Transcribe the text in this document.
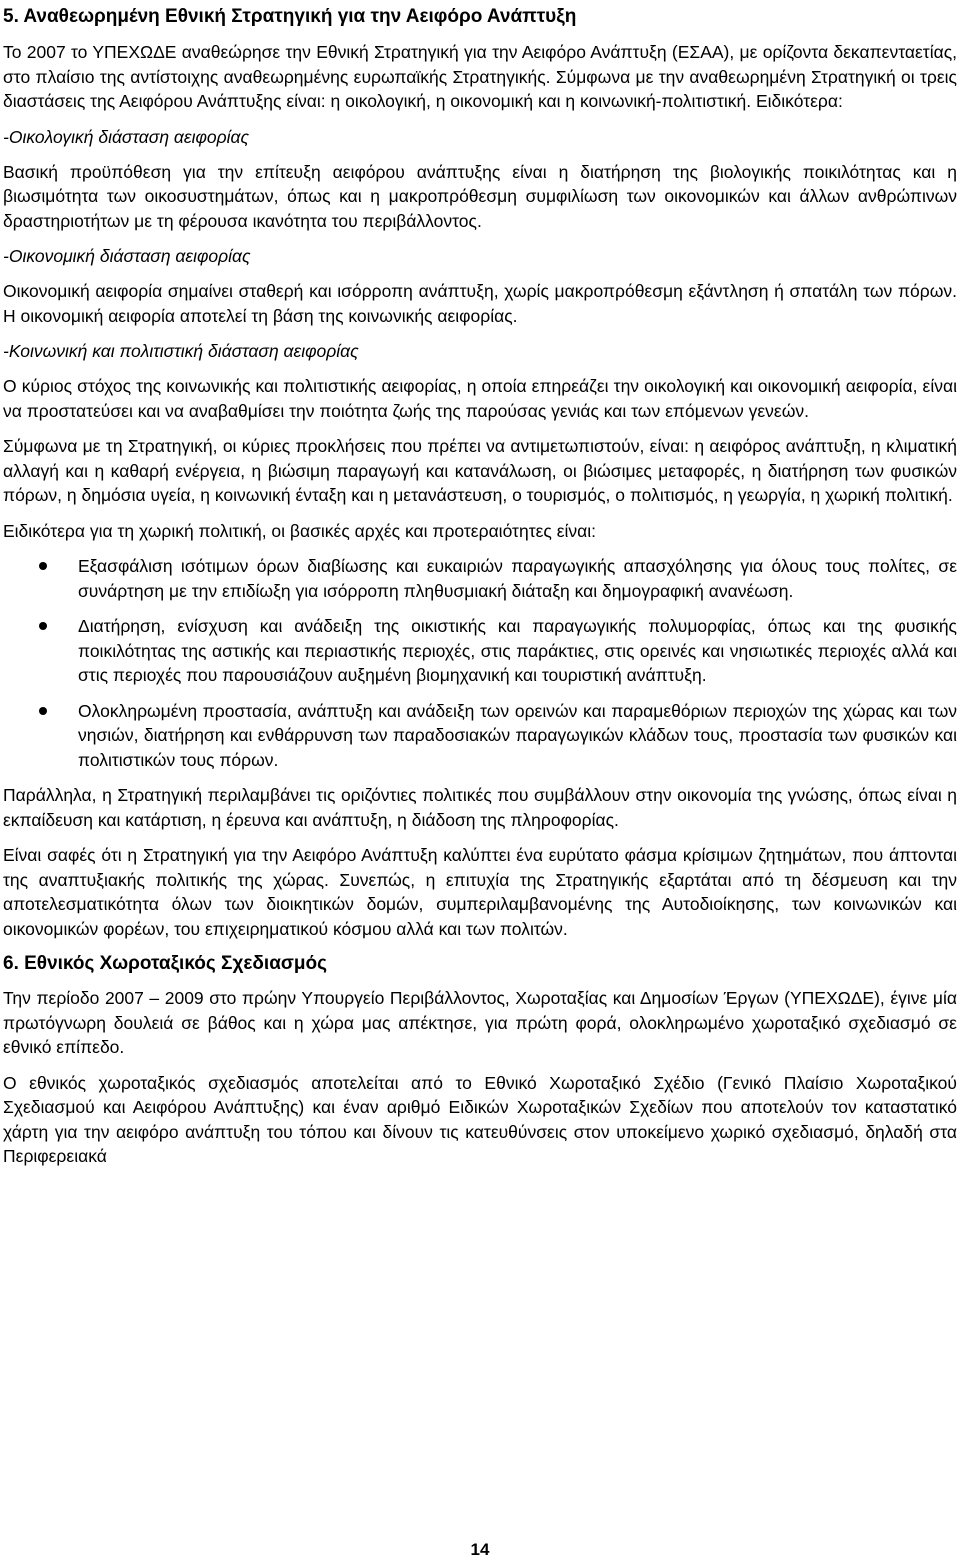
5. Αναθεωρημένη Εθνική Στρατηγική για την Αειφόρο Ανάπτυξη

Το 2007 το ΥΠΕΧΩΔΕ αναθεώρησε την Εθνική Στρατηγική για την Αειφόρο Ανάπτυξη (ΕΣΑΑ), με ορίζοντα δεκαπενταετίας, στο πλαίσιο της αντίστοιχης αναθεωρημένης ευρωπαϊκής Στρατηγικής. Σύμφωνα με την αναθεωρημένη Στρατηγική οι τρεις διαστάσεις της Αειφόρου Ανάπτυξης είναι: η οικολογική, η οικονομική και η κοινωνική-πολιτιστική. Ειδικότερα:

-Οικολογική διάσταση αειφορίας

Βασική προϋπόθεση για την επίτευξη αειφόρου ανάπτυξης είναι η διατήρηση της βιολογικής ποικιλότητας και η βιωσιμότητα των οικοσυστημάτων, όπως και η μακροπρόθεσμη συμφιλίωση των οικονομικών και άλλων ανθρώπινων δραστηριοτήτων με τη φέρουσα ικανότητα του περιβάλλοντος.

-Οικονομική διάσταση αειφορίας

Οικονομική αειφορία σημαίνει σταθερή και ισόρροπη ανάπτυξη, χωρίς μακροπρόθεσμη εξάντληση ή σπατάλη των πόρων. Η οικονομική αειφορία αποτελεί τη βάση της κοινωνικής αειφορίας.

-Κοινωνική και πολιτιστική διάσταση αειφορίας

Ο κύριος στόχος της κοινωνικής και πολιτιστικής αειφορίας, η οποία επηρεάζει την οικολογική και οικονομική αειφορία, είναι να προστατεύσει και να αναβαθμίσει την ποιότητα ζωής της παρούσας γενιάς και των επόμενων γενεών.

Σύμφωνα με τη Στρατηγική, οι κύριες προκλήσεις που πρέπει να αντιμετωπιστούν, είναι: η αειφόρος ανάπτυξη, η κλιματική αλλαγή και η καθαρή ενέργεια, η βιώσιμη παραγωγή και κατανάλωση, οι βιώσιμες μεταφορές, η διατήρηση των φυσικών πόρων, η δημόσια υγεία, η κοινωνική ένταξη και η μετανάστευση, ο τουρισμός, ο πολιτισμός, η γεωργία, η χωρική πολιτική.

Ειδικότερα για τη χωρική πολιτική, οι βασικές αρχές και προτεραιότητες είναι:

Εξασφάλιση ισότιμων όρων διαβίωσης και ευκαιριών παραγωγικής απασχόλησης για όλους τους πολίτες, σε συνάρτηση με την επιδίωξη για ισόρροπη πληθυσμιακή διάταξη και δημογραφική ανανέωση.
Διατήρηση, ενίσχυση και ανάδειξη της οικιστικής και παραγωγικής πολυμορφίας, όπως και της φυσικής ποικιλότητας της αστικής και περιαστικής περιοχές, στις παράκτιες, στις ορεινές και νησιωτικές περιοχές αλλά και στις περιοχές που παρουσιάζουν αυξημένη βιομηχανική και τουριστική ανάπτυξη.
Ολοκληρωμένη προστασία, ανάπτυξη και ανάδειξη των ορεινών και παραμεθόριων περιοχών της χώρας και των νησιών, διατήρηση και ενθάρρυνση των παραδοσιακών παραγωγικών κλάδων τους, προστασία των φυσικών και πολιτιστικών τους πόρων.

Παράλληλα, η Στρατηγική περιλαμβάνει τις οριζόντιες πολιτικές που συμβάλλουν στην οικονομία της γνώσης, όπως είναι η εκπαίδευση και κατάρτιση, η έρευνα και ανάπτυξη, η διάδοση της πληροφορίας.

Είναι σαφές ότι η Στρατηγική για την Αειφόρο Ανάπτυξη καλύπτει ένα ευρύτατο φάσμα κρίσιμων ζητημάτων, που άπτονται της αναπτυξιακής πολιτικής της χώρας. Συνεπώς, η επιτυχία της Στρατηγικής εξαρτάται από τη δέσμευση και την αποτελεσματικότητα όλων των διοικητικών δομών, συμπεριλαμβανομένης της Αυτοδιοίκησης, των κοινωνικών και οικονομικών φορέων, του επιχειρηματικού κόσμου αλλά και των πολιτών.

6. Εθνικός Χωροταξικός Σχεδιασμός

Την περίοδο 2007 – 2009 στο πρώην Υπουργείο Περιβάλλοντος, Χωροταξίας και Δημοσίων Έργων (ΥΠΕΧΩΔΕ), έγινε μία πρωτόγνωρη δουλειά σε βάθος και η χώρα μας απέκτησε, για πρώτη φορά, ολοκληρωμένο χωροταξικό σχεδιασμό σε εθνικό επίπεδο.

Ο εθνικός χωροταξικός σχεδιασμός αποτελείται από το Εθνικό Χωροταξικό Σχέδιο (Γενικό Πλαίσιο Χωροταξικού Σχεδιασμού και Αειφόρου Ανάπτυξης) και έναν αριθμό Ειδικών Χωροταξικών Σχεδίων που αποτελούν τον καταστατικό χάρτη για την αειφόρο ανάπτυξη του τόπου και δίνουν τις κατευθύνσεις στον υποκείμενο χωρικό σχεδιασμό, δηλαδή στα Περιφερειακά

14
